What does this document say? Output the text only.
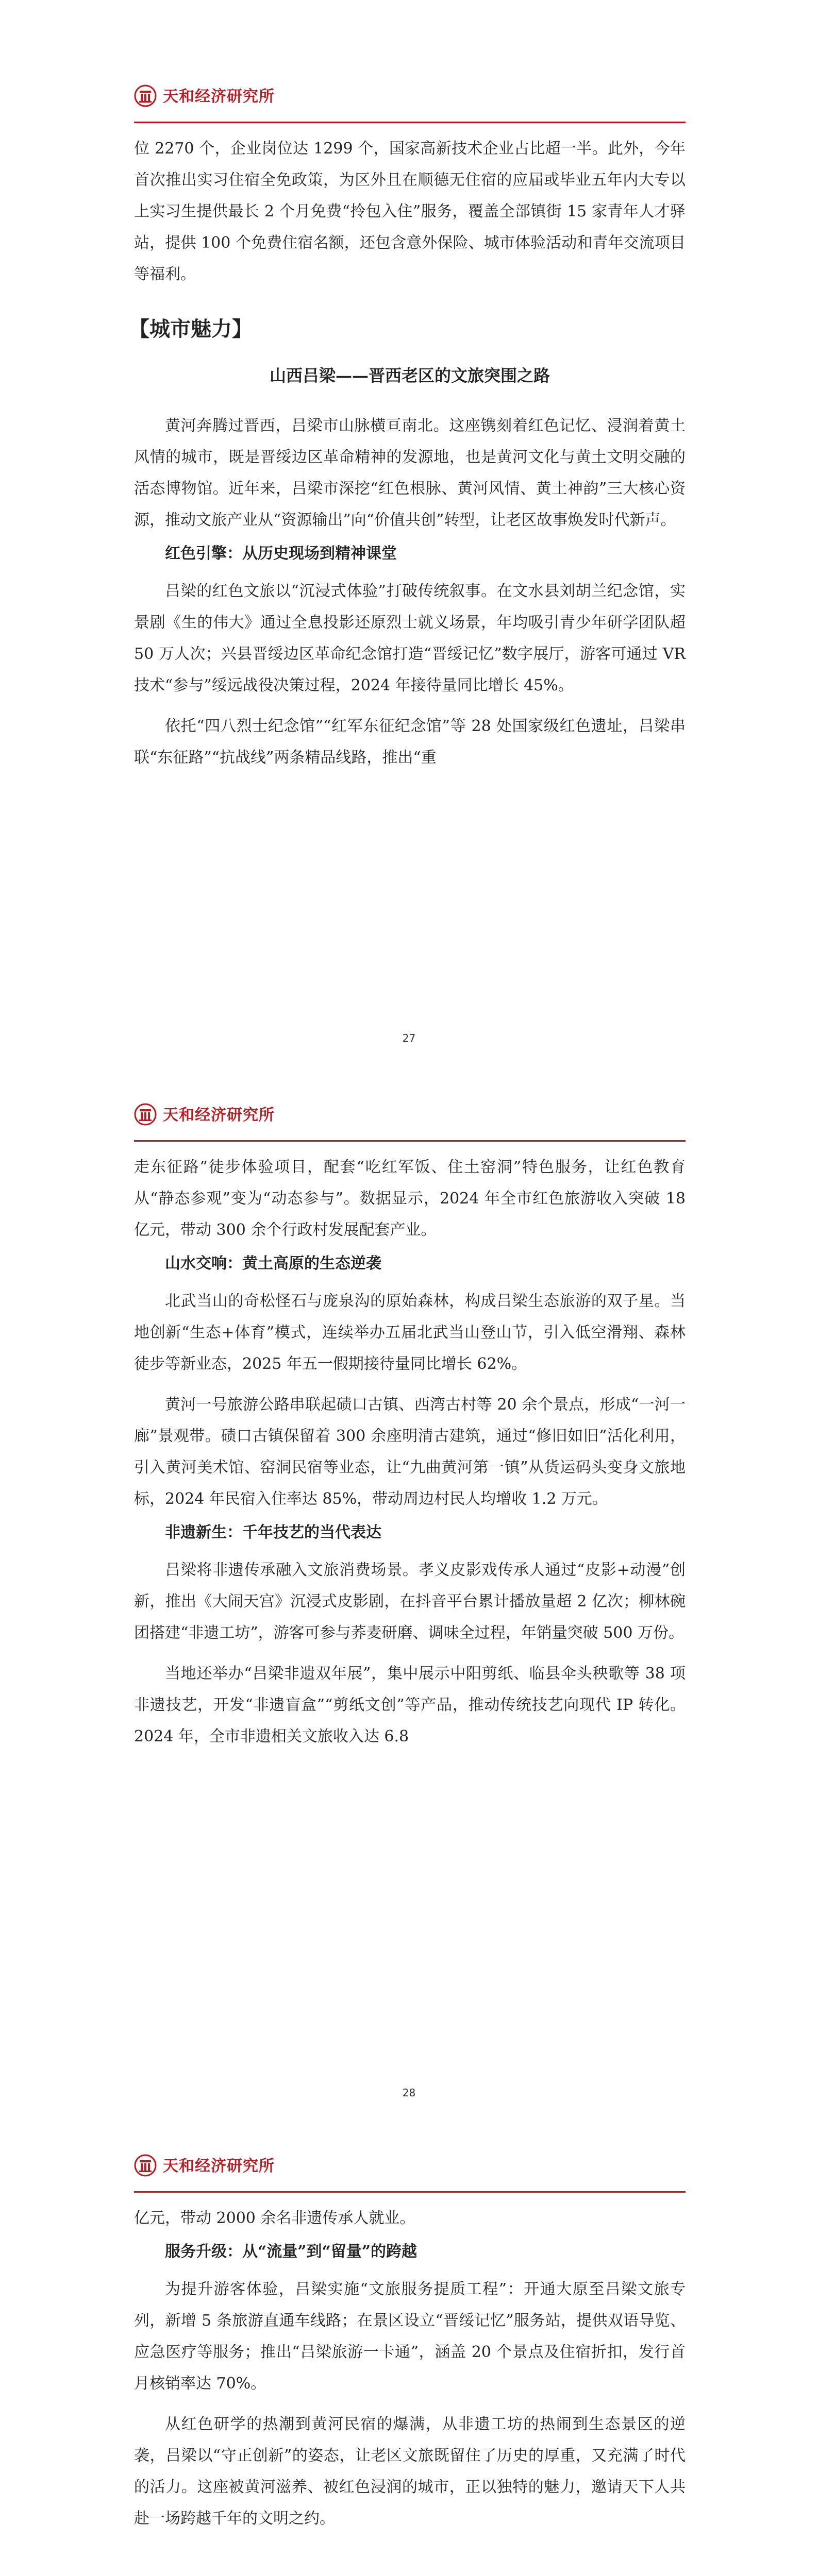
天和经济研究所

位 2270 个，企业岗位达 1299 个，国家高新技术企业占比超一半。此外，今年首次推出实习住宿全免政策，为区外且在顺德无住宿的应届或毕业五年内大专以上实习生提供最长 2 个月免费“拎包入住”服务，覆盖全部镇街 15 家青年人才驿站，提供 100 个免费住宿名额，还包含意外保险、城市体验活动和青年交流项目等福利。

【城市魅力】
山西吕梁——晋西老区的文旅突围之路

黄河奔腾过晋西，吕梁市山脉横亘南北。这座镌刻着红色记忆、浸润着黄土风情的城市，既是晋绥边区革命精神的发源地，也是黄河文化与黄土文明交融的活态博物馆。近年来，吕梁市深挖“红色根脉、黄河风情、黄土神韵”三大核心资源，推动文旅产业从“资源输出”向“价值共创”转型，让老区故事焕发时代新声。

红色引擎：从历史现场到精神课堂

吕梁的红色文旅以“沉浸式体验”打破传统叙事。在文水县刘胡兰纪念馆，实景剧《生的伟大》通过全息投影还原烈士就义场景，年均吸引青少年研学团队超 50 万人次；兴县晋绥边区革命纪念馆打造“晋绥记忆”数字展厅，游客可通过 VR 技术“参与”绥远战役决策过程，2024 年接待量同比增长 45%。

依托“四八烈士纪念馆”“红军东征纪念馆”等 28 处国家级红色遗址，吕梁串联“东征路”“抗战线”两条精品线路，推出“重

27
天和经济研究所

走东征路”徒步体验项目，配套“吃红军饭、住土窑洞”特色服务，让红色教育从“静态参观”变为“动态参与”。数据显示，2024 年全市红色旅游收入突破 18 亿元，带动 300 余个行政村发展配套产业。

山水交响：黄土高原的生态逆袭

北武当山的奇松怪石与庞泉沟的原始森林，构成吕梁生态旅游的双子星。当地创新“生态+体育”模式，连续举办五届北武当山登山节，引入低空滑翔、森林徒步等新业态，2025 年五一假期接待量同比增长 62%。

黄河一号旅游公路串联起碛口古镇、西湾古村等 20 余个景点，形成“一河一廊”景观带。碛口古镇保留着 300 余座明清古建筑，通过“修旧如旧”活化利用，引入黄河美术馆、窑洞民宿等业态，让“九曲黄河第一镇”从货运码头变身文旅地标，2024 年民宿入住率达 85%，带动周边村民人均增收 1.2 万元。

非遗新生：千年技艺的当代表达

吕梁将非遗传承融入文旅消费场景。孝义皮影戏传承人通过“皮影+动漫”创新，推出《大闹天宫》沉浸式皮影剧，在抖音平台累计播放量超 2 亿次；柳林碗团搭建“非遗工坊”，游客可参与荞麦研磨、调味全过程，年销量突破 500 万份。

当地还举办“吕梁非遗双年展”，集中展示中阳剪纸、临县伞头秧歌等 38 项非遗技艺，开发“非遗盲盒”“剪纸文创”等产品，推动传统技艺向现代 IP 转化。2024 年，全市非遗相关文旅收入达 6.8

28
天和经济研究所

亿元，带动 2000 余名非遗传承人就业。

服务升级：从“流量”到“留量”的跨越

为提升游客体验，吕梁实施“文旅服务提质工程”：开通大原至吕梁文旅专列，新增 5 条旅游直通车线路；在景区设立“晋绥记忆”服务站，提供双语导览、应急医疗等服务；推出“吕梁旅游一卡通”，涵盖 20 个景点及住宿折扣，发行首月核销率达 70%。

从红色研学的热潮到黄河民宿的爆满，从非遗工坊的热闹到生态景区的逆袭，吕梁以“守正创新”的姿态，让老区文旅既留住了历史的厚重，又充满了时代的活力。这座被黄河滋养、被红色浸润的城市，正以独特的魅力，邀请天下人共赴一场跨越千年的文明之约。
